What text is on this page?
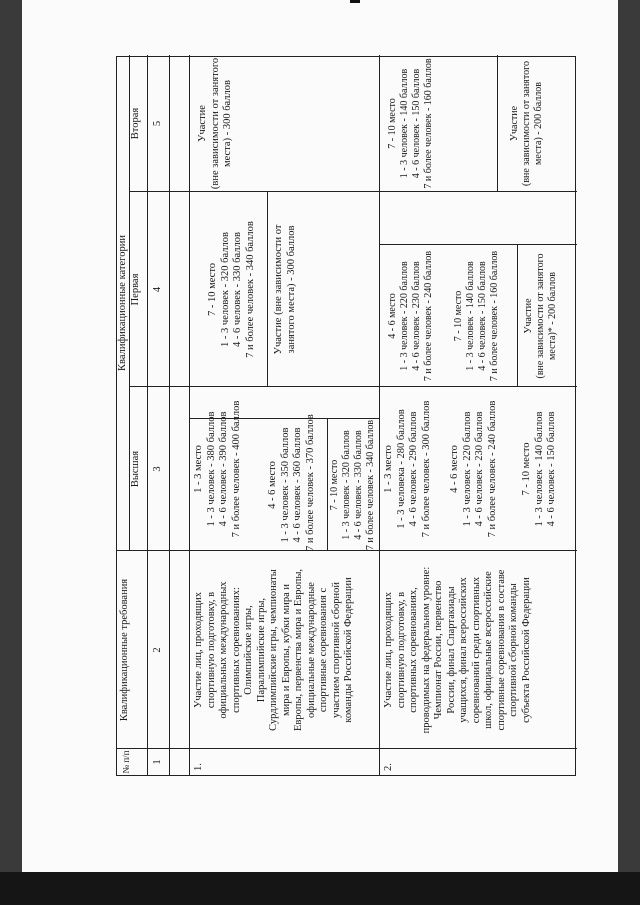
№ п/п
Квалификационные требования
Квалификационные категории
Высшая
Первая
Вторая
1
2
3
4
5
1.
Участие лиц, проходящих спортивную подготовку, в официальных международных спортивных соревнованиях: Олимпийские игры, Паралимпийские игры, Сурдлимпийские игры, чемпионаты мира и Европы, кубки мира и Европы, первенства мира и Европы, официальные международные спортивные соревнования с участием спортивной сборной команды Российской Федерации
1 - 3 место 1 - 3 человек - 380 баллов 4 - 6 человек - 390 баллов 7 и более человек - 400 баллов 4 - 6 место 1 - 3 человек - 350 баллов 4 - 6 человек - 360 баллов 7 и более человек - 370 баллов 7 - 10 место 1 - 3 человек - 320 баллов 4 - 6 человек - 330 баллов 7 и более человек - 340 баллов
7 - 10 место 1 - 3 человек - 320 баллов 4 - 6 человек - 330 баллов 7 и более человек - 340 баллов Участие (вне зависимости от занятого места) - 300 баллов
Участие (вне зависимости от занятого места) - 300 баллов
2.
Участие лиц, проходящих спортивную подготовку, в спортивных соревнованиях, проводимых на федеральном уровне: Чемпионат России, первенство России, финал Спартакиады учащихся, финал всероссийских соревнований среди спортивных школ, официальные всероссийские спортивные соревнования в составе спортивной сборной команды субъекта Российской Федерации
1 - 3 место 1 - 3 человека - 280 баллов 4 - 6 человек - 290 баллов 7 и более человек - 300 баллов 4 - 6 место 1 - 3 человек - 220 баллов 4 - 6 человек - 230 баллов 7 и более человек - 240 баллов 7 - 10 место 1 - 3 человек - 140 баллов 4 - 6 человек - 150 баллов
4 - 6 место 1 - 3 человек - 220 баллов 4 - 6 человек - 230 баллов 7 и более человек - 240 баллов 7 - 10 место 1 - 3 человек - 140 баллов 4 - 6 человек - 150 баллов 7 и более человек - 160 баллов Участие (вне зависимости от занятого места)* - 200 баллов
7 - 10 место 1 - 3 человек - 140 баллов 4 - 6 человек - 150 баллов 7 и более человек - 160 баллов	Участие (вне зависимости от занятого места) - 200 баллов
